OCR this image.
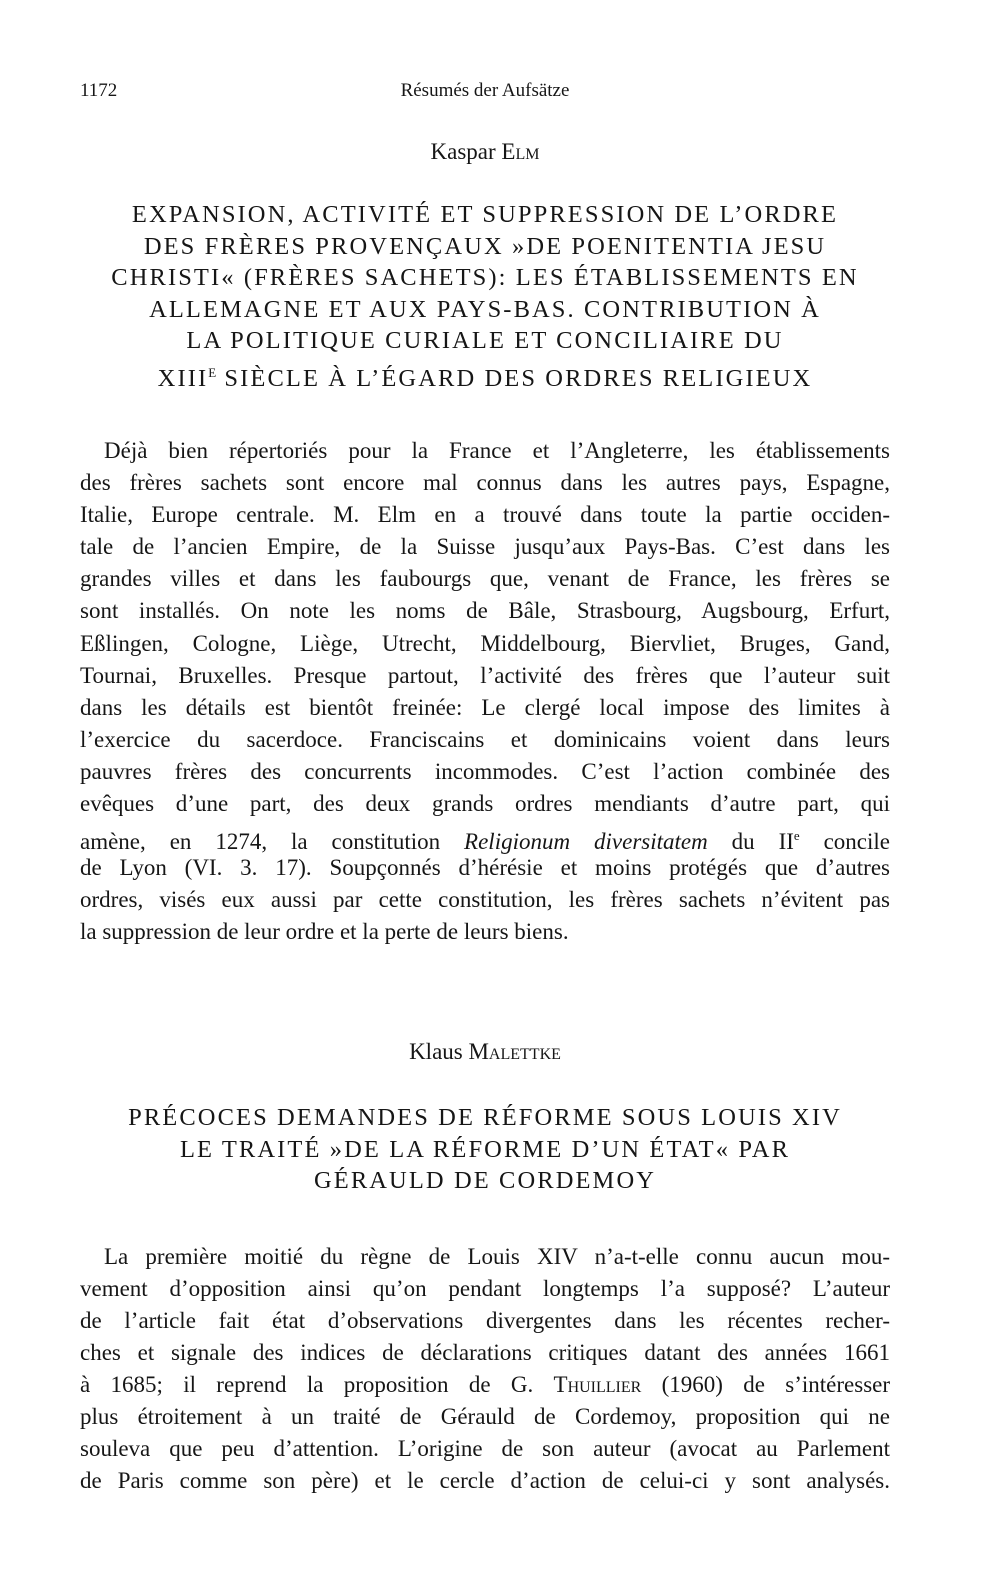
1172	Résumés der Aufsätze
Kaspar Elm
EXPANSION, ACTIVITÉ ET SUPPRESSION DE L’ORDRE
DES FRÈRES PROVENÇAUX »DE POENITENTIA JESU
CHRISTI« (FRÈRES SACHETS): LES ÉTABLISSEMENTS EN
ALLEMAGNE ET AUX PAYS-BAS. CONTRIBUTION À
LA POLITIQUE CURIALE ET CONCILIAIRE DU
$XIII^E$ SIÈCLE À L’ÉGARD DES ORDRES RELIGIEUX
Déjà bien répertoriés pour la France et l’Angleterre, les établissements
des frères sachets sont encore mal connus dans les autres pays, Espagne,
Italie, Europe centrale. M. Elm en a trouvé dans toute la partie occiden-
tale de l’ancien Empire, de la Suisse jusqu’aux Pays-Bas. C’est dans les
grandes villes et dans les faubourgs que, venant de France, les frères se
sont installés. On note les noms de Bâle, Strasbourg, Augsbourg, Erfurt,
Eßlingen, Cologne, Liège, Utrecht, Middelbourg, Biervliet, Bruges, Gand,
Tournai, Bruxelles. Presque partout, l’activité des frères que l’auteur suit
dans les détails est bientôt freinée: Le clergé local impose des limites à
l’exercice du sacerdoce. Franciscains et dominicains voient dans leurs
pauvres frères des concurrents incommodes. C’est l’action combinée des
evêques d’une part, des deux grands ordres mendiants d’autre part, qui
amène, en 1274, la constitution Religionum diversitatem du IIe concile
de Lyon (VI. 3. 17). Soupçonnés d’hérésie et moins protégés que d’autres
ordres, visés eux aussi par cette constitution, les frères sachets n’évitent pas
la suppression de leur ordre et la perte de leurs biens.
Klaus Malettke
PRÉCOCES DEMANDES DE RÉFORME SOUS LOUIS XIV
LE TRAITÉ »DE LA RÉFORME D’UN ÉTAT« PAR
GÉRAULD DE CORDEMOY
La première moitié du règne de Louis XIV n’a-t-elle connu aucun mou-
vement d’opposition ainsi qu’on pendant longtemps l’a supposé? L’auteur
de l’article fait état d’observations divergentes dans les récentes recher-
ches et signale des indices de déclarations critiques datant des années 1661
à 1685; il reprend la proposition de G. Thuillier (1960) de s’intéresser
plus étroitement à un traité de Gérauld de Cordemoy, proposition qui ne
souleva que peu d’attention. L’origine de son auteur (avocat au Parlement
de Paris comme son père) et le cercle d’action de celui-ci y sont analysés.
